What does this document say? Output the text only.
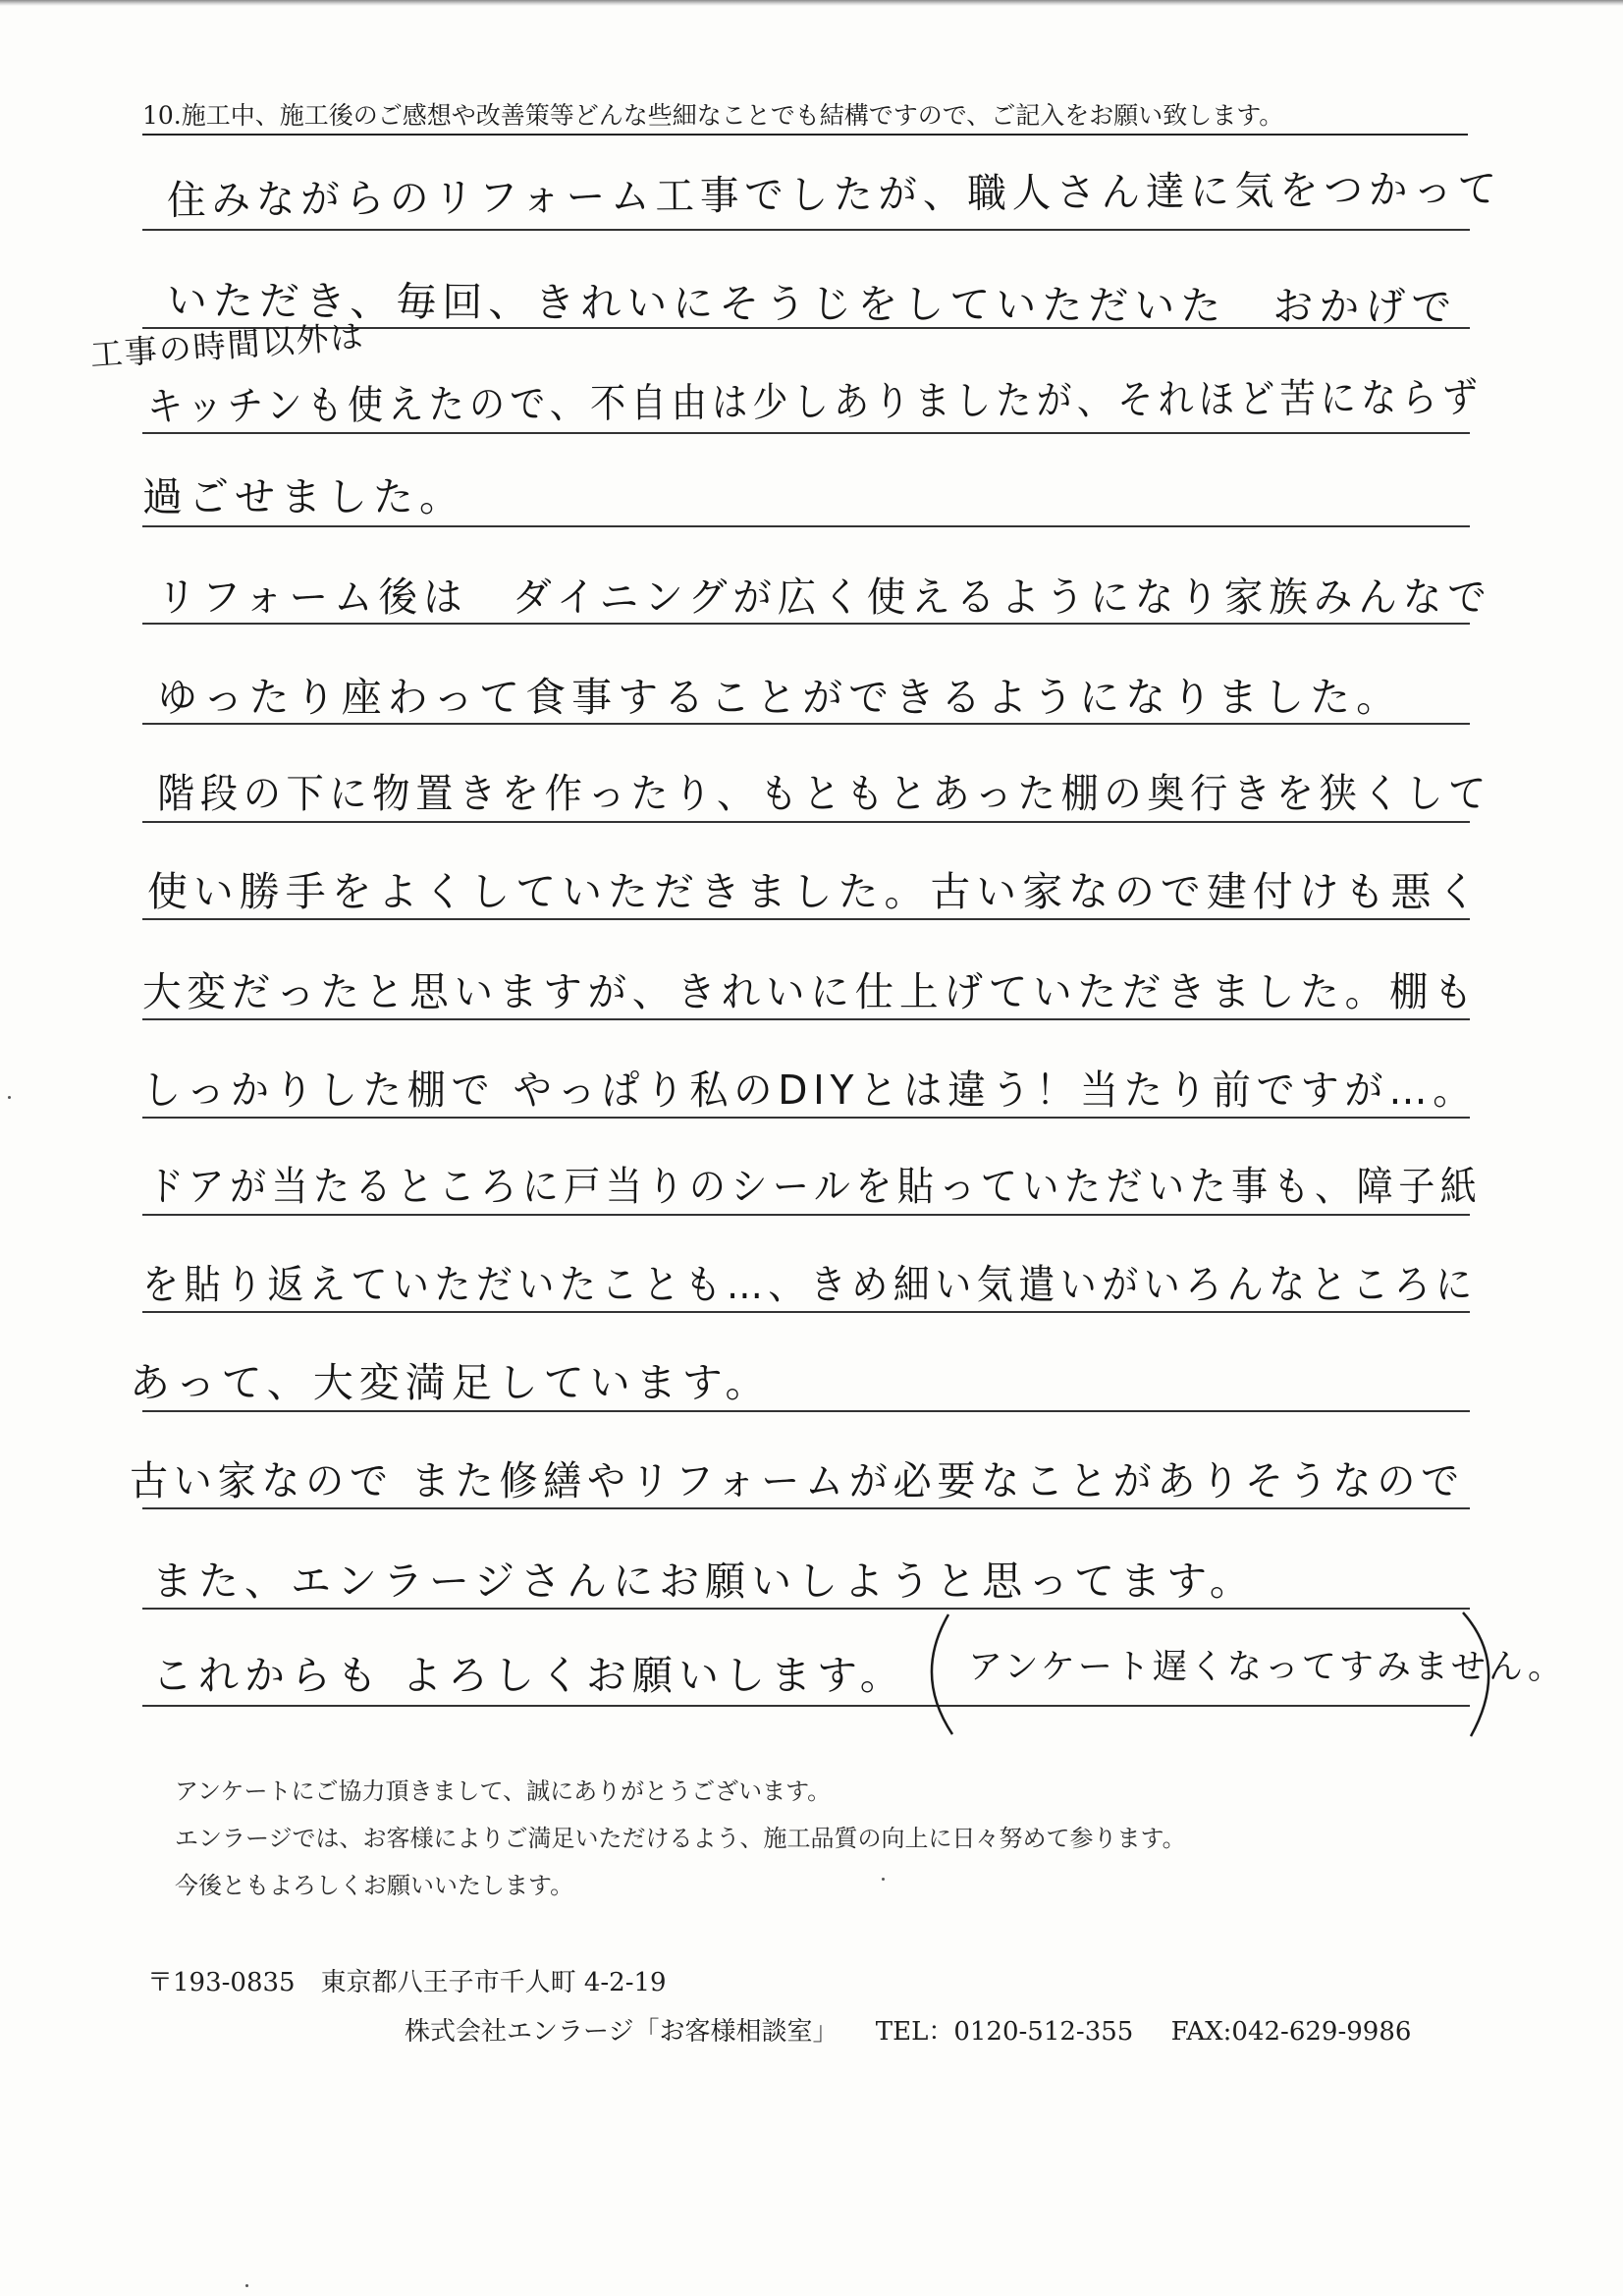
10.施工中、施工後のご感想や改善策等どんな些細なことでも結構ですので、ご記入をお願い致します。
住みながらのリフォーム工事でしたが、職人さん達に気をつかって
いただき、毎回、きれいにそうじをしていただいた　おかげで
工事の時間以外は
キッチンも使えたので、不自由は少しありましたが、それほど苦にならず
過ごせました。
リフォーム後は　ダイニングが広く使えるようになり家族みんなで
ゆったり座わって食事することができるようになりました。
階段の下に物置きを作ったり、もともとあった棚の奥行きを狭くして
使い勝手をよくしていただきました。古い家なので建付けも悪く
大変だったと思いますが、きれいに仕上げていただきました。棚も
しっかりした棚で やっぱり私のDIYとは違う！当たり前ですが…。
ドアが当たるところに戸当りのシールを貼っていただいた事も、障子紙
を貼り返えていただいたことも…、きめ細い気遣いがいろんなところに
あって、大変満足しています。
古い家なので また修繕やリフォームが必要なことがありそうなので
また、エンラージさんにお願いしようと思ってます。
これからも よろしくお願いします。 アンケート遅くなってすみません。
アンケートにご協力頂きまして、誠にありがとうございます。
エンラージでは、お客様によりご満足いただけるよう、施工品質の向上に日々努めて参ります。
今後ともよろしくお願いいたします。
〒193-0835　東京都八王子市千人町 4-2-19
株式会社エンラージ「お客様相談室」 TEL：0120-512-355 FAX:042-629-9986
